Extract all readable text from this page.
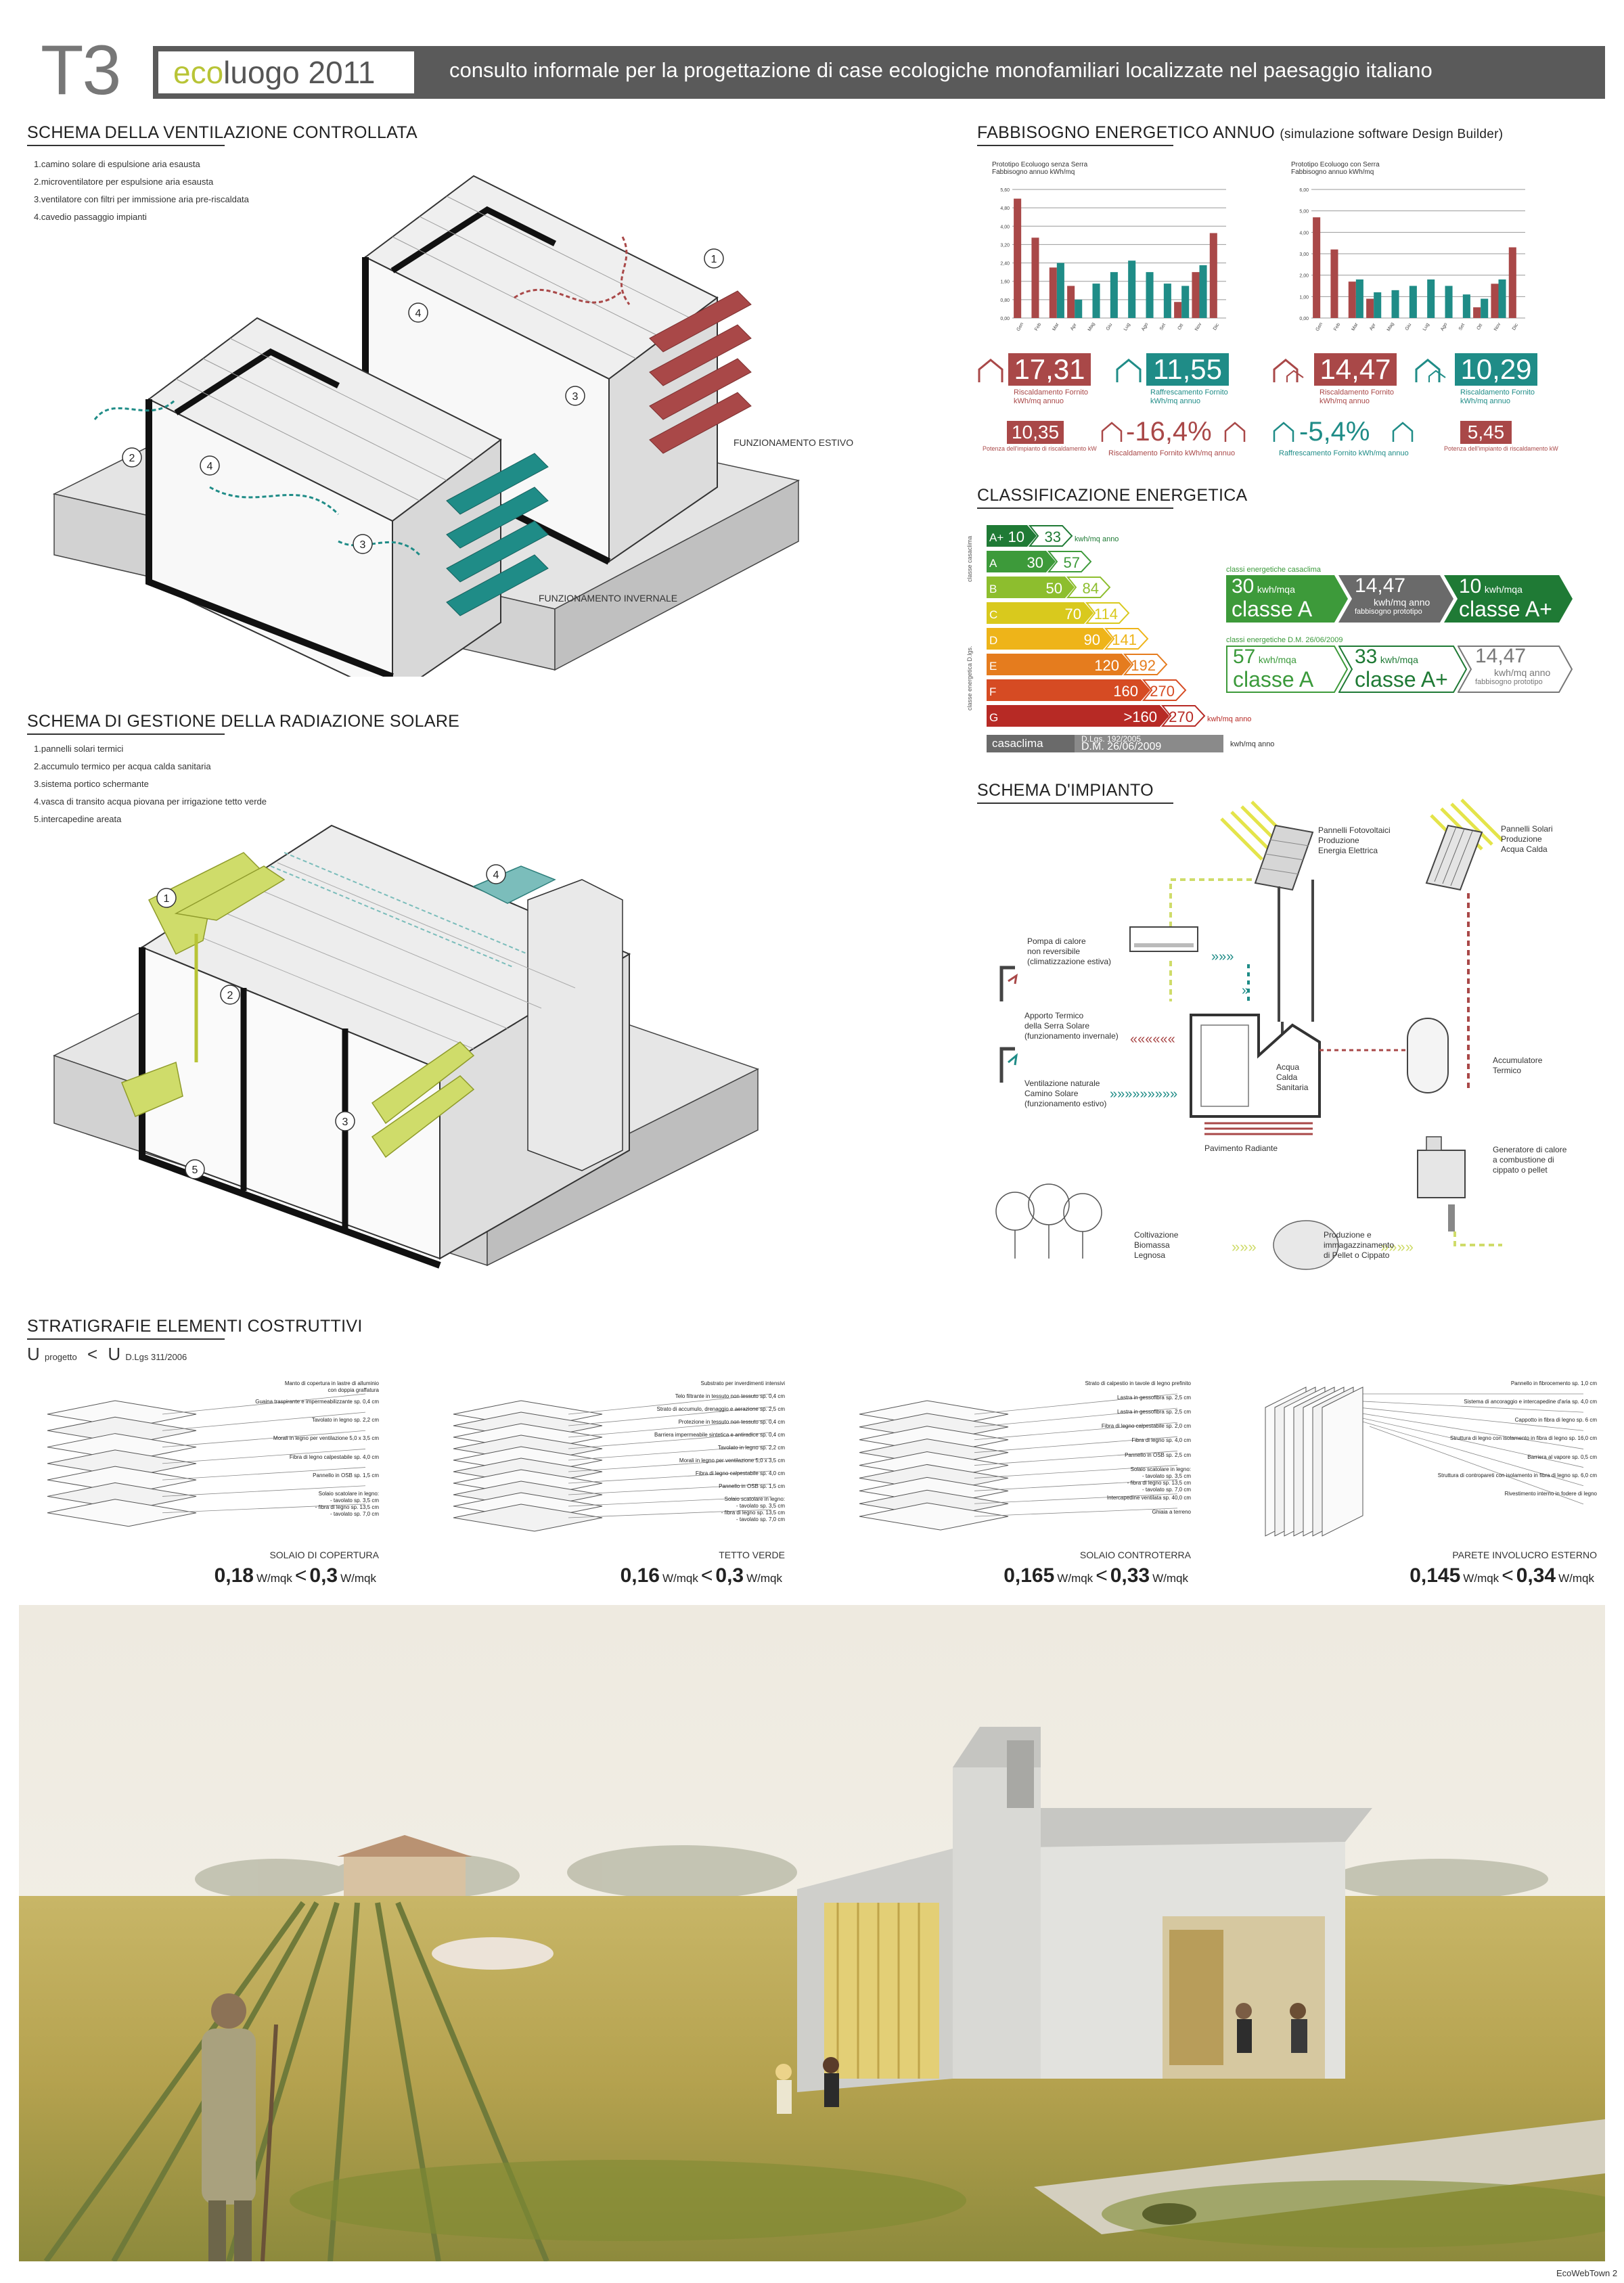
T3 eco luogo 2011	consulto informale per la progettazione di case ecologiche monofamiliari localizzate nel paesaggio italiano
SCHEMA DELLA VENTILAZIONE CONTROLLATA
1.camino solare di espulsione aria esausta
2.microventilatore per espulsione aria esausta
3.ventilatore con filtri per immissione aria pre-riscaldata
4.cavedio passaggio impianti
1
4
3
2
4
3
FUNZIONAMENTO ESTIVO
FUNZIONAMENTO INVERNALE
SCHEMA DI GESTIONE DELLA RADIAZIONE SOLARE
1.pannelli solari termici
2.accumulo termico per acqua calda sanitaria
3.sistema portico schermante
4.vasca di transito acqua piovana per irrigazione tetto verde
5.intercapedine areata
1
2
3
4
5
FABBISOGNO ENERGETICO ANNUO (simulazione software Design Builder)
Prototipo Ecoluogo senza Serra
Fabbisogno annuo kWh/mq
Prototipo Ecoluogo con Serra
Fabbisogno annuo kWh/mq
0,00
0,80
1,60
2,40
3,20
4,00
4,80
5,60
Gen Feb Mar Apr Mag Giu Lug Ago Set Ott Nov Dic
0,00
1,00
2,00
3,00
4,00
5,00
6,00
Gen Feb Mar Apr Mag Giu Lug Ago Set Ott Nov Dic
17,31
Riscaldamento Fornito
kWh/mq annuo
11,55
Raffrescamento Fornito
kWh/mq annuo
14,47
Riscaldamento Fornito
kWh/mq annuo
10,29
Riscaldamento Fornito
kWh/mq annuo
10,35
Potenza dell'impianto di riscaldamento kW
-16,4%
Riscaldamento Fornito kWh/mq annuo
-5,4%
Raffrescamento Fornito kWh/mq annuo
5,45
Potenza dell'impianto di riscaldamento kW
CLASSIFICAZIONE ENERGETICA
classe casaclima
classe energetica D.lgs.
A+ 10 33 kwh/mq anno
A 30 57
B	50 84
C	70 114
D	90 141
E	120 192
F	160 270
G	>160 >270 kwh/mq anno
casaclima	D.Lgs. 192/2005
D.M. 26/06/2009	kwh/mq anno
classi energetiche casaclima
30 kwh/mqa
classe A
14,47
kwh/mq anno
fabbisogno prototipo
10 kwh/mqa
classe A+
classi energetiche D.M. 26/06/2009
57 kwh/mqa
classe A
33 kwh/mqa
classe A+
14,47
kwh/mq anno
fabbisogno prototipo
SCHEMA D'IMPIANTO
»»»
»
««««««
»»»»»»»»»
»»»	»»»»
Pannelli Fotovoltaici
Produzione
Energia Elettrica
Pannelli Solari
Produzione
Acqua Calda
Pompa di calore
non reversibile
(climatizzazione estiva)
Apporto Termico
della Serra Solare
(funzionamento invernale)
Ventilazione naturale
Camino Solare
(funzionamento estivo)
Acqua
Calda
Sanitaria
Accumulatore
Termico
Pavimento Radiante	Generatore di calore
a combustione di
cippato o pellet
Coltivazione
Biomassa
Legnosa
Produzione e
immagazzinamento
di Pellet o Cippato
STRATIGRAFIE ELEMENTI COSTRUTTIVI
U progetto < U D.Lgs 311/2006
Manto di copertura in lastre di alluminio
con doppia graffatura
Guaina traspirante e impermeabilizzante sp. 0,4 cm
Tavolato in legno sp. 2,2 cm
Morali in legno per ventilazione 5,0 x 3,5 cm
Fibra di legno calpestabile sp. 4,0 cm
Pannello in OSB sp. 1,5 cm
Solaio scatolare in legno:
- tavolato sp. 3,5 cm
- fibra di legno sp. 13,5 cm
- tavolato sp. 7,0 cm
SOLAIO DI COPERTURA
0,18 W/mqk < 0,3 W/mqk
Substrato per inverdimenti intensivi
Telo filtrante in tessuto non tessuto sp. 0,4 cm
Strato di accumulo, drenaggio e aerazione sp. 2,5 cm
Protezione in tessuto non tessuto sp. 0,4 cm
Barriera impermeabile sintetica e antiradice sp. 0,4 cm
Tavolato in legno sp. 2,2 cm
Morali in legno per ventilazione 5,0 x 3,5 cm
Fibra di legno calpestabile sp. 4,0 cm
Pannello in OSB sp. 1,5 cm
Solaio scatolare in legno:
- tavolato sp. 3,5 cm
- fibra di legno sp. 13,5 cm
- tavolato sp. 7,0 cm
TETTO VERDE
0,16 W/mqk < 0,3 W/mqk
Strato di calpestio in tavole di legno prefinito
Lastra in gessofibra sp. 2,5 cm
Lastra in gessofibra sp. 2,5 cm
Fibra di legno calpestabile sp. 2,0 cm
Fibra di legno sp. 4,0 cm
Pannello in OSB sp. 2,5 cm
Solaio scatolare in legno:
- tavolato sp. 3,5 cm
- fibra di legno sp. 13,5 cm
- tavolato sp. 7,0 cm
Intercapedine ventilata sp. 40,0 cm
Ghiaia a terreno
SOLAIO CONTROTERRA
0,165 W/mqk < 0,33 W/mqk
Pannello in fibrocemento sp. 1,0 cm
Sistema di ancoraggio e intercapedine d'aria sp. 4,0 cm
Cappotto in fibra di legno sp. 6 cm
Struttura di legno con isolamento in fibra di legno sp. 16,0 cm
Barriera al vapore sp. 0,5 cm
Struttura di contropareti con isolamento in fibra di legno sp. 6,0 cm
Rivestimento interno in fodere di legno
PARETE INVOLUCRO ESTERNO
0,145 W/mqk < 0,34 W/mqk
EcoWebTown 2
